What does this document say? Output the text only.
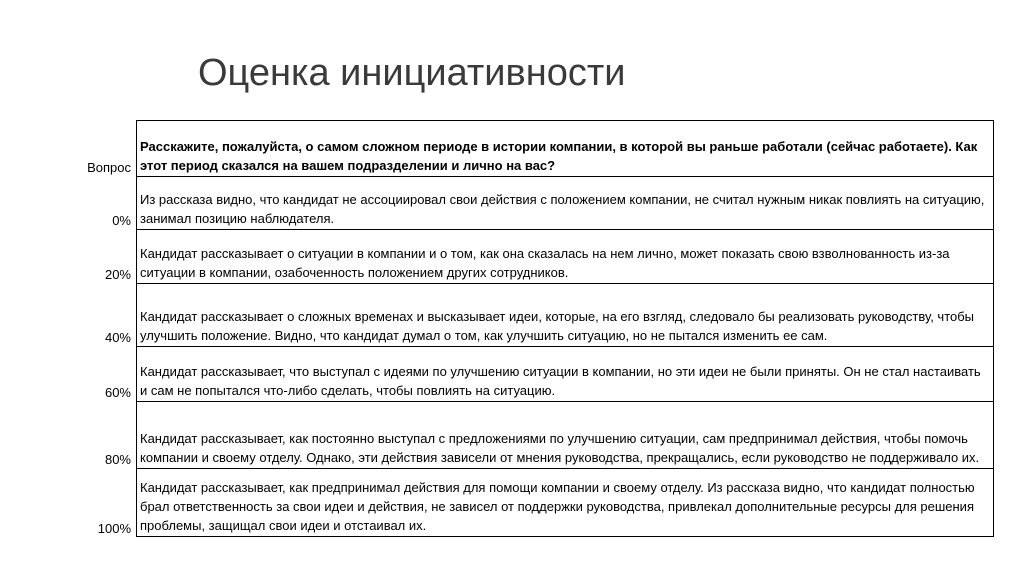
Оценка инициативности
Вопрос
Расскажите, пожалуйста, о самом сложном периоде в истории компании, в которой вы раньше работали (сейчас работаете). Как этот период сказался на вашем подразделении и лично на вас?
0%
Из рассказа видно, что кандидат не ассоциировал свои действия с положением компании, не считал нужным никак повлиять на ситуацию, занимал позицию наблюдателя.
20%
Кандидат рассказывает о ситуации в компании и о том, как она сказалась на нем лично, может показать свою взволнованность из-за ситуации в компании, озабоченность положением других сотрудников.
40%
Кандидат рассказывает о сложных временах и высказывает идеи, которые, на его взгляд, следовало бы реализовать руководству, чтобы улучшить положение. Видно, что кандидат думал о том, как улучшить ситуацию, но не пытался изменить ее сам.
60%
Кандидат рассказывает, что выступал с идеями по улучшению ситуации в компании, но эти идеи не были приняты. Он не стал настаивать и сам не попытался что-либо сделать, чтобы повлиять на ситуацию.
80%
Кандидат рассказывает, как постоянно выступал с предложениями по улучшению ситуации, сам предпринимал действия, чтобы помочь компании и своему отделу. Однако, эти действия зависели от мнения руководства, прекращались, если руководство не поддерживало их.
100%
Кандидат рассказывает, как предпринимал действия для помощи компании и своему отделу. Из рассказа видно, что кандидат полностью брал ответственность за свои идеи и действия, не зависел от поддержки руководства, привлекал дополнительные ресурсы для решения проблемы, защищал свои идеи и отстаивал их.
